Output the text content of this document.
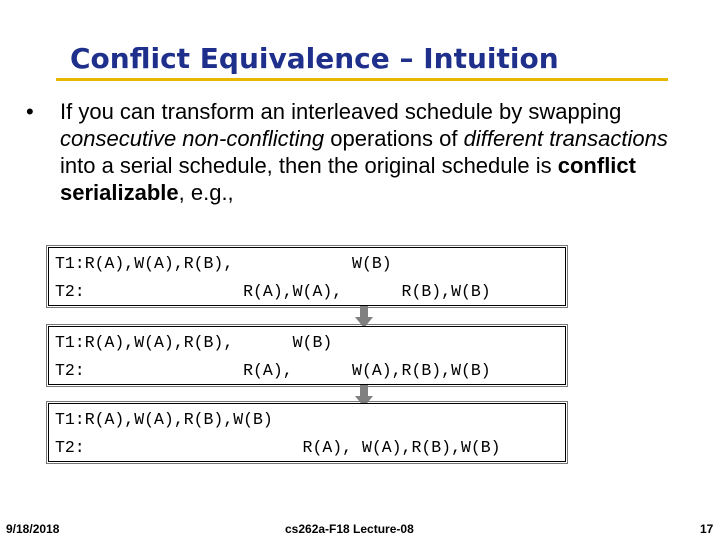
Conflict Equivalence – Intuition
•	If you can transform an interleaved schedule by swapping consecutive non-conflicting operations of different transactions into a serial schedule, then the original schedule is conflict serializable, e.g.,
T1:R(A),W(A),R(B),            W(B)
T2:                R(A),W(A),      R(B),W(B)
T1:R(A),W(A),R(B),      W(B)
T2:                R(A),      W(A),R(B),W(B)
T1:R(A),W(A),R(B),W(B)
T2:                      R(A), W(A),R(B),W(B)
9/18/2018	cs262a-F18 Lecture-08	17
